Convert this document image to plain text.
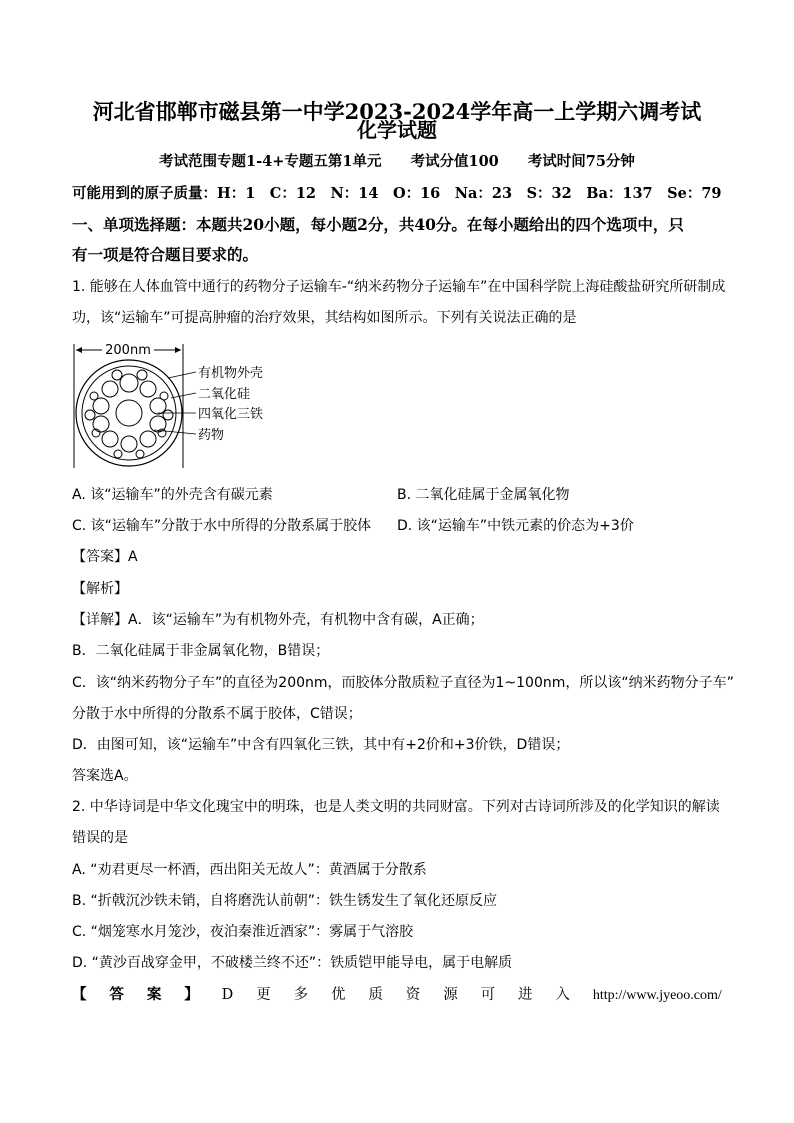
河北省邯郸市磁县第一中学2023-2024学年高一上学期六调考试
化学试题
考试范围专题1-4+专题五第1单元　　考试分值100　　考试时间75分钟
可能用到的原子质量：H：1　C：12　N：14　O：16　Na：23　S：32　Ba：137　Se：79
一、单项选择题：本题共20小题，每小题2分，共40分。在每小题给出的四个选项中，只
有一项是符合题目要求的。
1. 能够在人体血管中通行的药物分子运输车-“纳米药物分子运输车”在中国科学院上海硅酸盐研究所研制成
功，该“运输车”可提高肿瘤的治疗效果，其结构如图所示。下列有关说法正确的是
200nm
有机物外壳
二氧化硅
四氧化三铁
药物
A. 该“运输车”的外壳含有碳元素	B. 二氧化硅属于金属氧化物
C. 该“运输车”分散于水中所得的分散系属于胶体 D. 该“运输车”中铁元素的价态为+3价
【答案】A
【解析】
【详解】A．该“运输车”为有机物外壳，有机物中含有碳，A正确；
B．二氧化硅属于非金属氧化物，B错误；
C．该“纳米药物分子车”的直径为200nm，而胶体分散质粒子直径为1~100nm，所以该“纳米药物分子车”
分散于水中所得的分散系不属于胶体，C错误；
D．由图可知，该“运输车”中含有四氧化三铁，其中有+2价和+3价铁，D错误；
答案选A。
2. 中华诗词是中华文化瑰宝中的明珠，也是人类文明的共同财富。下列对古诗词所涉及的化学知识的解读
错误的是
A. “劝君更尽一杯酒，西出阳关无故人”：黄酒属于分散系
B. “折戟沉沙铁未销，自将磨洗认前朝”：铁生锈发生了氧化还原反应
C. “烟笼寒水月笼沙，夜泊秦淮近酒家”：雾属于气溶胶
D. “黄沙百战穿金甲，不破楼兰终不还”：铁质铠甲能导电，属于电解质
【 答 案 】 D 更 多 优 质 资 源 可 进 入 http://www.jyeoo.com/
